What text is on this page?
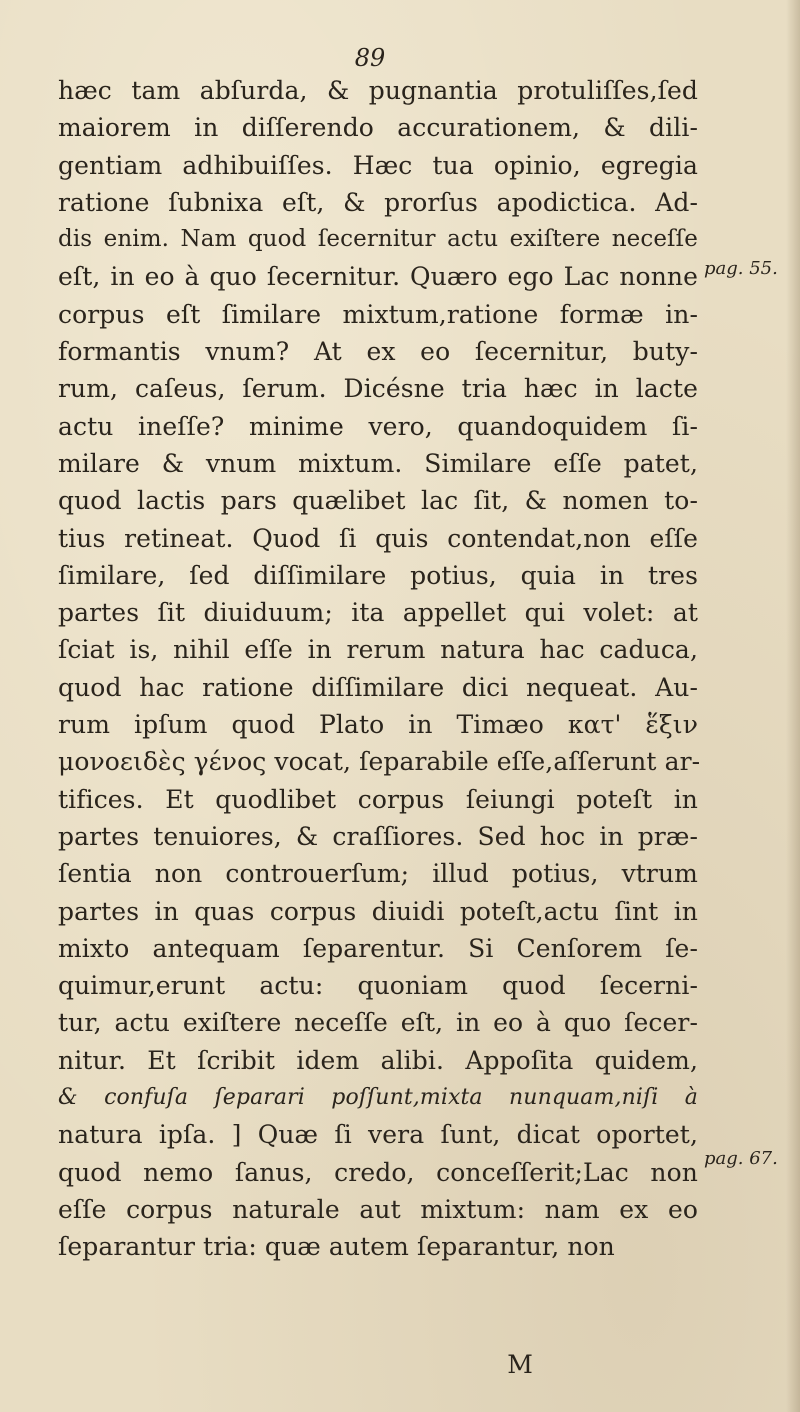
89
pag. 55.
pag. 67.
hæc tam abſurda, & pugnantia protuliſſes,ſed
maiorem in diſſerendo accurationem, & dili-
gentiam adhibuiſſes. Hæc tua opinio, egregia
ratione ſubnixa eſt, & prorſus apodictica. Ad-
dis enim. Nam quod ſecernitur actu exiſtere neceſſe
eſt, in eo à quo ſecernitur. Quæro ego Lac nonne
corpus eſt ſimilare mixtum,ratione formæ in-
formantis vnum? At ex eo ſecernitur, buty-
rum, caſeus, ſerum. Dicésne tria hæc in lacte
actu ineſſe? minime vero, quandoquidem ſi-
milare & vnum mixtum. Similare eſſe patet,
quod lactis pars quælibet lac ſit, & nomen to-
tius retineat. Quod ſi quis contendat,non eſſe
ſimilare, ſed diſſimilare potius, quia in tres
partes ſit diuiduum; ita appellet qui volet: at
ſciat is, nihil eſſe in rerum natura hac caduca,
quod hac ratione diſſimilare dici nequeat. Au-
rum ipſum quod Plato in Timæo κατ' ἕξιν
μονοειδὲς γένος vocat, ſeparabile eſſe,aſſerunt ar-
tifices. Et quodlibet corpus ſeiungi poteſt in
partes tenuiores, & craſſiores. Sed hoc in præ-
ſentia non controuerſum; illud potius, vtrum
partes in quas corpus diuidi poteſt,actu ſint in
mixto antequam ſeparentur. Si Cenſorem ſe-
quimur,erunt actu: quoniam quod ſecerni-
tur, actu exiſtere neceſſe eſt, in eo à quo ſecer-
nitur. Et ſcribit idem alibi. Appoſita quidem,
& confuſa ſeparari poſſunt,mixta nunquam,niſi à
natura ipſa. ] Quæ ſi vera ſunt, dicat oportet,
quod nemo ſanus, credo, conceſſerit;Lac non
eſſe corpus naturale aut mixtum: nam ex eo
ſeparantur tria: quæ autem ſeparantur, non
M
